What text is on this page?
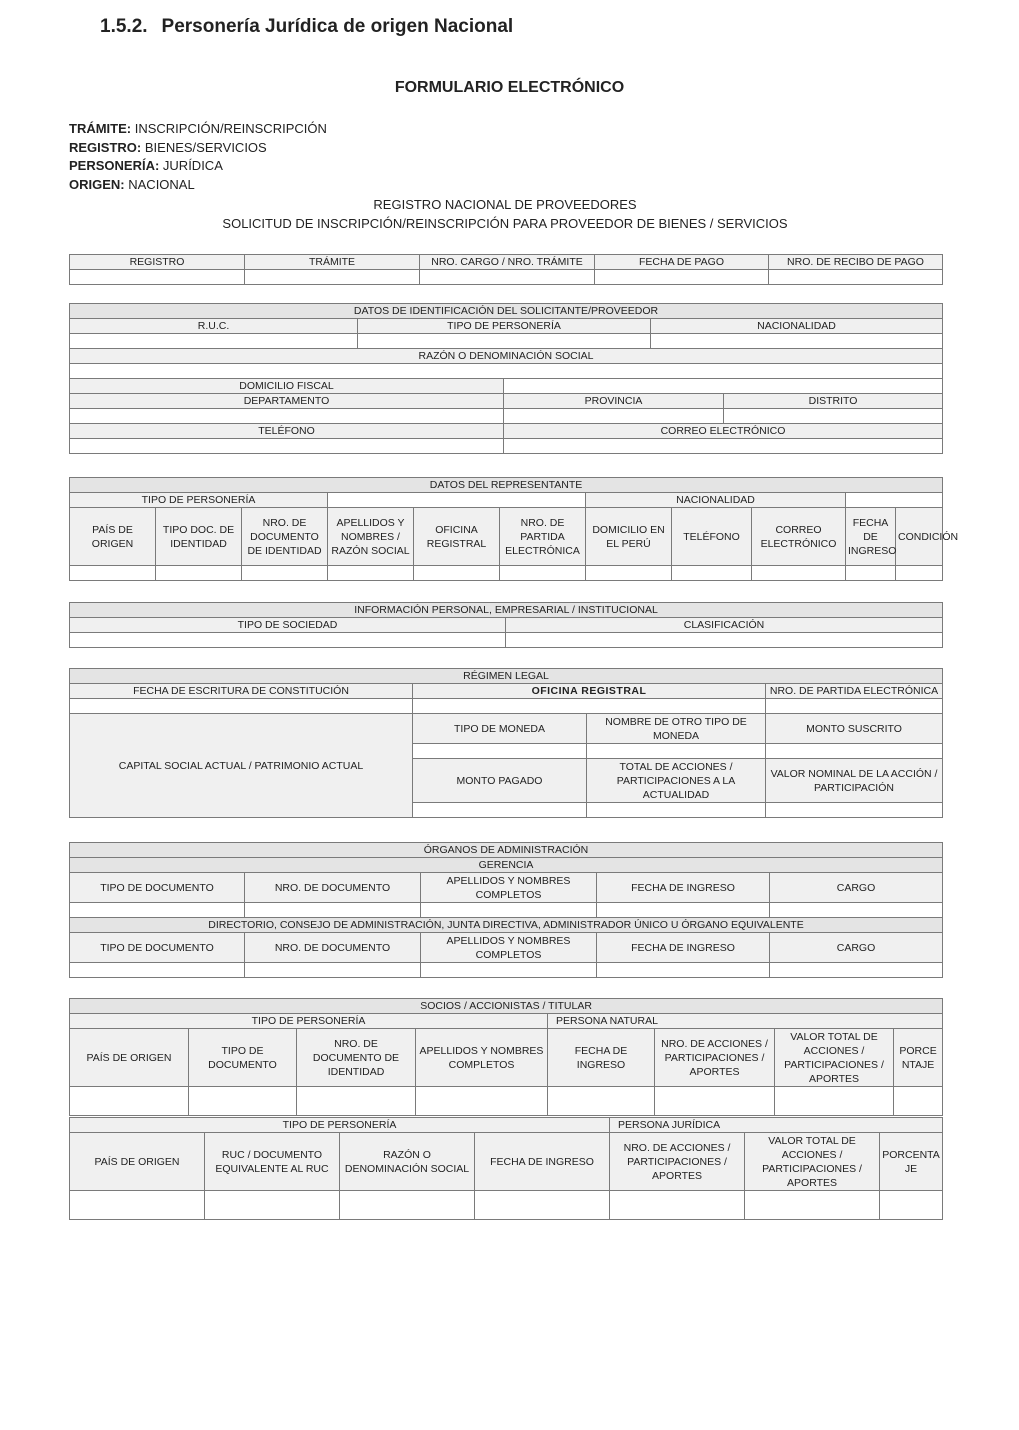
1.5.2. Personería Jurídica de origen Nacional
FORMULARIO ELECTRÓNICO
TRÁMITE: INSCRIPCIÓN/REINSCRIPCIÓN
REGISTRO: BIENES/SERVICIOS
PERSONERÍA: JURÍDICA
ORIGEN: NACIONAL
REGISTRO NACIONAL DE PROVEEDORES
SOLICITUD DE INSCRIPCIÓN/REINSCRIPCIÓN PARA PROVEEDOR DE BIENES / SERVICIOS
REGISTRO	TRÁMITE	NRO. CARGO / NRO. TRÁMITE	FECHA DE PAGO	NRO. DE RECIBO DE PAGO

DATOS DE IDENTIFICACIÓN DEL SOLICITANTE/PROVEEDOR				
R.U.C.	TIPO DE PERSONERÍA		NACIONALIDAD	

RAZÓN O DENOMINACIÓN SOCIAL				

DOMICILIO FISCAL				
DEPARTAMENTO		PROVINCIA		DISTRITO

TELÉFONO		CORREO ELECTRÓNICO		

DATOS DEL REPRESENTANTE										
TIPO DE PERSONERÍA						NACIONALIDAD				
PAÍS DE ORIGEN	TIPO DOC. DE IDENTIDAD	NRO. DE DOCUMENTO DE IDENTIDAD	APELLIDOS Y NOMBRES / RAZÓN SOCIAL	OFICINA REGISTRAL	NRO. DE PARTIDA ELECTRÓNICA	DOMICILIO EN EL PERÚ	TELÉFONO	CORREO ELECTRÓNICO	FECHA DE INGRESO	CONDICIÓN

INFORMACIÓN PERSONAL, EMPRESARIAL / INSTITUCIONAL	
TIPO DE SOCIEDAD	CLASIFICACIÓN

RÉGIMEN LEGAL			
FECHA DE ESCRITURA DE CONSTITUCIÓN	OFICINA REGISTRAL		NRO. DE PARTIDA ELECTRÓNICA

CAPITAL SOCIAL ACTUAL / PATRIMONIO ACTUAL	TIPO DE MONEDA	NOMBRE DE OTRO TIPO DE MONEDA	MONTO SUSCRITO

	MONTO PAGADO	TOTAL DE ACCIONES / PARTICIPACIONES A LA ACTUALIDAD	VALOR NOMINAL DE LA ACCIÓN / PARTICIPACIÓN

ÓRGANOS DE ADMINISTRACIÓN				
GERENCIA				
TIPO DE DOCUMENTO	NRO. DE DOCUMENTO	APELLIDOS Y NOMBRES COMPLETOS	FECHA DE INGRESO	CARGO

DIRECTORIO, CONSEJO DE ADMINISTRACIÓN, JUNTA DIRECTIVA, ADMINISTRADOR ÚNICO U ÓRGANO EQUIVALENTE				
TIPO DE DOCUMENTO	NRO. DE DOCUMENTO	APELLIDOS Y NOMBRES COMPLETOS	FECHA DE INGRESO	CARGO

SOCIOS / ACCIONISTAS / TITULAR							
TIPO DE PERSONERÍA				PERSONA NATURAL			
PAÍS DE ORIGEN	TIPO DE DOCUMENTO	NRO. DE DOCUMENTO DE IDENTIDAD	APELLIDOS Y NOMBRES COMPLETOS	FECHA DE INGRESO	NRO. DE ACCIONES / PARTICIPACIONES / APORTES	VALOR TOTAL DE ACCIONES / PARTICIPACIONES / APORTES	PORCENTAJE

TIPO DE PERSONERÍA				PERSONA JURÍDICA		
PAÍS DE ORIGEN	RUC / DOCUMENTO EQUIVALENTE AL RUC	RAZÓN O DENOMINACIÓN SOCIAL	FECHA DE INGRESO	NRO. DE ACCIONES / PARTICIPACIONES / APORTES	VALOR TOTAL DE ACCIONES / PARTICIPACIONES / APORTES	PORCENTAJE
